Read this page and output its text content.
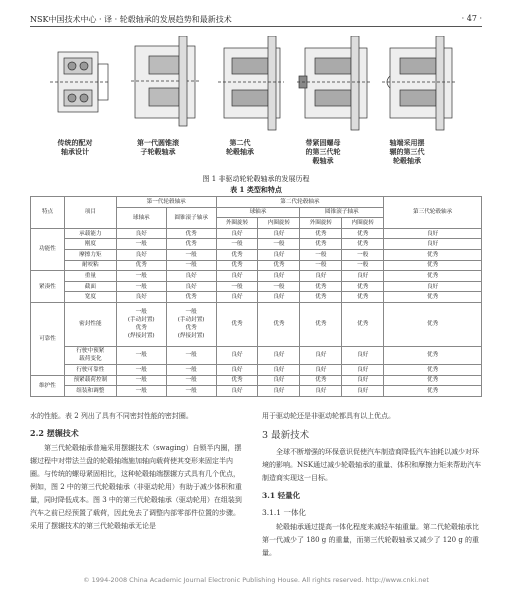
NSK中国技术中心 · 译 · 轮毂轴承的发展趋势和最新技术	· 47 ·
传统的配对
轴承设计
第一代圆锥滚
子轮毂轴承
第二代
轮毂轴承
带紧固螺母
的第三代轮
毂轴承
轴端采用摆
辗的第三代
轮毂轴承
图 1 非驱动轮轮毂轴承的发展历程
表 1 类型和特点
特点	项目	第一代轮毂轴承		第二代轮毂轴承				第三代轮毂轴承
		球轴承	圆锥滚子轴承	球轴承		圆锥滚子轴承		
				外圈旋转	内圈旋转	外圈旋转	内圈旋转	
功能性	承载能力	良好	优秀	良好	良好	优秀	优秀	良好
	刚度	一般	优秀	一般	一般	优秀	优秀	良好
	摩擦力矩	良好	一般	优秀	良好	一般	一般	优秀
	耐咬粘	优秀	一般	优秀	优秀	一般	一般	优秀
紧凑性	重量	一般	良好	良好	良好	良好	良好	优秀
	截面	一般	良好	一般	一般	优秀	优秀	良好
	宽度	良好	优秀	良好	良好	优秀	优秀	优秀
可靠性	密封性能	一般
(手动封置)
优秀
(焊接封置)	一般
(手动封置)
优秀
(焊接封置)	优秀	优秀	优秀	优秀	优秀
	行驶中预紧
载荷变化	一般	一般	良好	良好	良好	良好	优秀
	行驶可靠性	一般	一般	良好	良好	良好	良好	优秀
维护性	预紧载荷控制	一般	一般	优秀	良好	优秀	良好	优秀
	组装和调整	一般	一般	良好	良好	良好	良好	优秀

水的性能。表 2 列出了具有不同密封性能的密封圈。

2.2 摆辗技术

第三代轮毂轴承普遍采用摆辗技术（swaging）自锁半内圈，摆辗过程中对带法兰盘的轮毂轴端施加轴向载荷使其变形来固定半内圈。与传统的螺母紧固相比，这种轮毂轴端摆辗方式具有几个优点，例如，图 2 中的第三代轮毂轴承（非驱动轮用）有助于减少体积和重量，同时降低成本。图 3 中的第三代轮毂轴承（驱动轮用）在组装到汽车之前已经预置了载荷，因此免去了调整内部零部件位置的步骤。采用了摆辗技术的第三代轮毂轴承无论是

用于驱动轮还是非驱动轮都具有以上优点。

3 最新技术

全球不断增强的环保意识促使汽车制造商降低汽车油耗以减少对环境的影响。NSK通过减少轮毂轴承的重量、体积和摩擦力矩来帮助汽车制造商实现这一目标。

3.1 轻量化
3.1.1 一体化

轮毂轴承通过提高一体化程度来减轻车轴重量。第二代轮毂轴承比第一代减少了 180 g 的重量，而第三代轮毂轴承又减少了 120 g 的重量。

© 1994-2008 China Academic Journal Electronic Publishing House. All rights reserved. http://www.cnki.net
